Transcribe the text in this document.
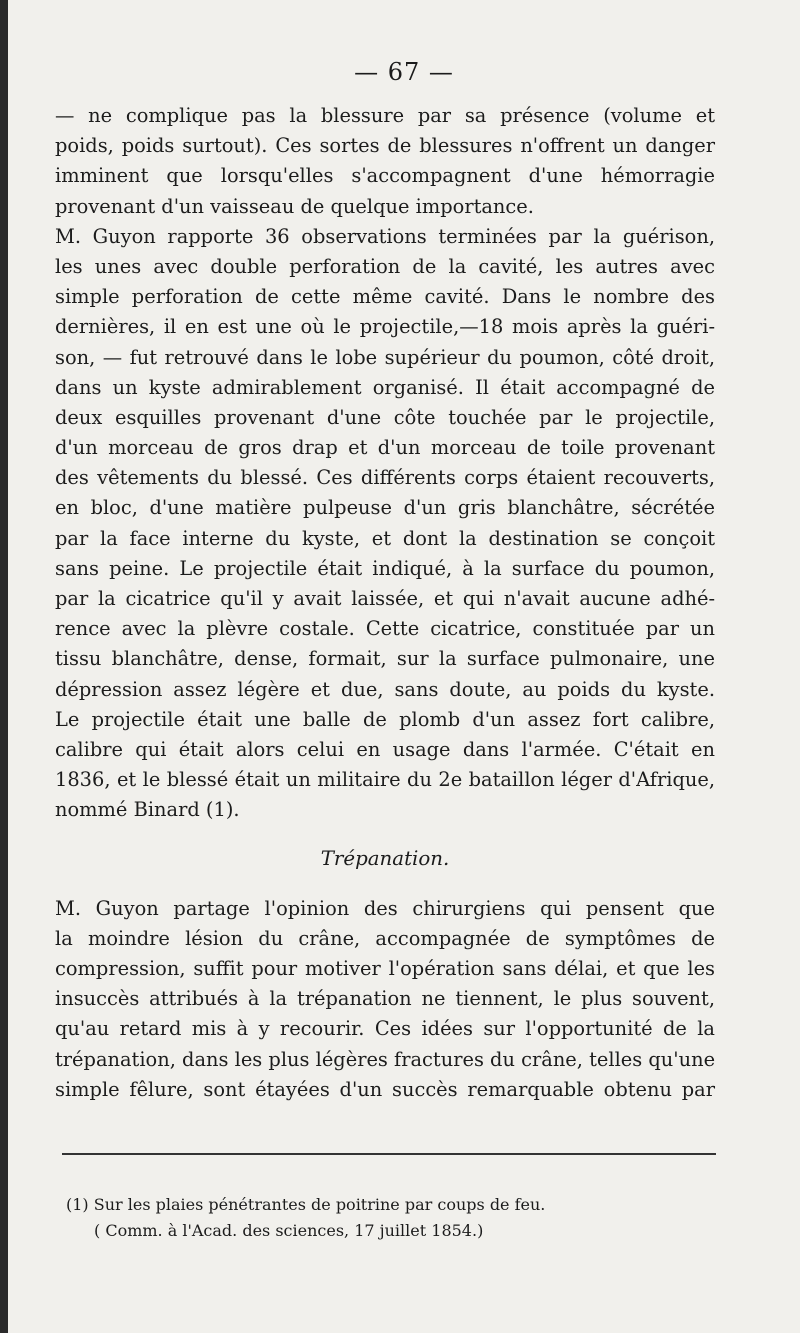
— 67 —
— ne complique pas la blessure par sa présence (volume et
poids, poids surtout). Ces sortes de blessures n'offrent un danger
imminent que lorsqu'elles s'accompagnent d'une hémorragie
provenant d'un vaisseau de quelque importance.
M. Guyon rapporte 36 observations terminées par la guérison,
les unes avec double perforation de la cavité, les autres avec
simple perforation de cette même cavité. Dans le nombre des
dernières, il en est une où le projectile,—18 mois après la guéri-
son, — fut retrouvé dans le lobe supérieur du poumon, côté droit,
dans un kyste admirablement organisé. Il était accompagné de
deux esquilles provenant d'une côte touchée par le projectile,
d'un morceau de gros drap et d'un morceau de toile provenant
des vêtements du blessé. Ces différents corps étaient recouverts,
en bloc, d'une matière pulpeuse d'un gris blanchâtre, sécrétée
par la face interne du kyste, et dont la destination se conçoit
sans peine. Le projectile était indiqué, à la surface du poumon,
par la cicatrice qu'il y avait laissée, et qui n'avait aucune adhé-
rence avec la plèvre costale. Cette cicatrice, constituée par un
tissu blanchâtre, dense, formait, sur la surface pulmonaire, une
dépression assez légère et due, sans doute, au poids du kyste.
Le projectile était une balle de plomb d'un assez fort calibre,
calibre qui était alors celui en usage dans l'armée. C'était en
1836, et le blessé était un militaire du 2e bataillon léger d'Afrique,
nommé Binard (1).
Trépanation.
M. Guyon partage l'opinion des chirurgiens qui pensent que
la moindre lésion du crâne, accompagnée de symptômes de
compression, suffit pour motiver l'opération sans délai, et que les
insuccès attribués à la trépanation ne tiennent, le plus souvent,
qu'au retard mis à y recourir. Ces idées sur l'opportunité de la
trépanation, dans les plus légères fractures du crâne, telles qu'une
simple fêlure, sont étayées d'un succès remarquable obtenu par
(1) Sur les plaies pénétrantes de poitrine par coups de feu.
( Comm. à l'Acad. des sciences, 17 juillet 1854.)
